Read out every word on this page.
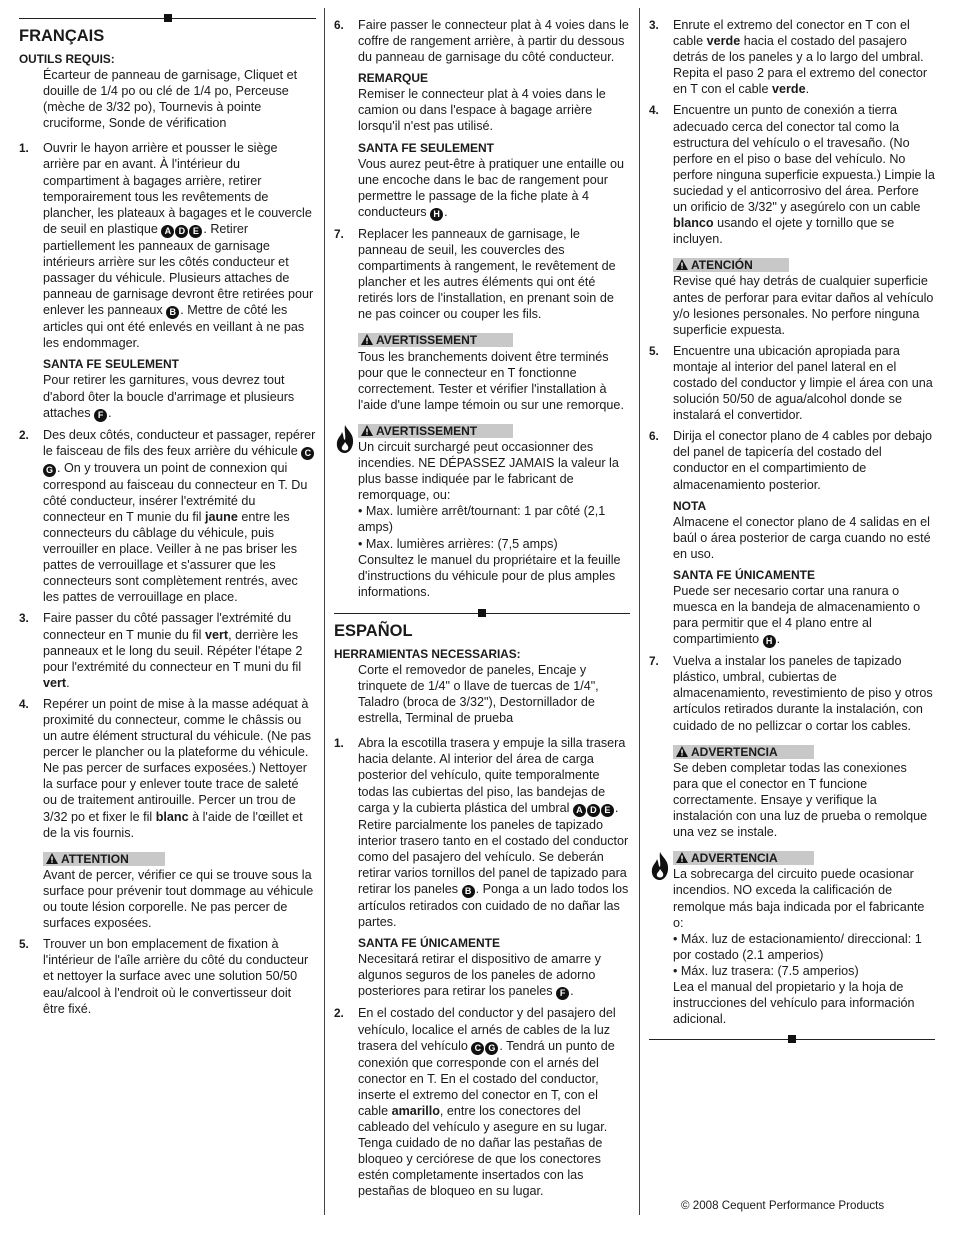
FRANÇAIS

OUTILS REQUIS:

Écarteur de panneau de garnisage, Cliquet et douille de 1/4 po ou clé de 1/4 po, Perceuse (mèche de 3/32 po), Tournevis à pointe cruciforme, Sonde de vérification
1.	Ouvrir le hayon arrière et pousser le siège arrière par en avant. À l'intérieur du compartiment à bagages arrière, retirer temporairement tous les revêtements de plancher, les plateaux à bagages et le couvercle de seuil en plastique A D E . Retirer partiellement les panneaux de garnisage intérieurs arrière sur les côtés conducteur et passager du véhicule. Plusieurs attaches de panneau de garnisage devront être retirées pour enlever les panneaux B . Mettre de côté les articles qui ont été enlevés en veillant à ne pas les endommager.
SANTA FE SEULEMENT
Pour retirer les garnitures, vous devrez tout d'abord ôter la boucle d'arrimage et plusieurs attaches F .
2.	Des deux côtés, conducteur et passager, repérer le faisceau de fils des feux arrière du véhicule CG . On y trouvera un point de connexion qui correspond au faisceau du connecteur en T. Du côté conducteur, insérer l'extrémité du connecteur en T munie du fil jaune entre les connecteurs du câblage du véhicule, puis verrouiller en place. Veiller à ne pas briser les pattes de verrouillage et s'assurer que les connecteurs sont complètement rentrés, avec les pattes de verrouillage en place.
3.	Faire passer du côté passager l'extrémité du connecteur en T munie du fil vert, derrière les panneaux et le long du seuil. Répéter l'étape 2 pour l'extrémité du connecteur en T muni du fil vert.
4.	Repérer un point de mise à la masse adéquat à proximité du connecteur, comme le châssis ou un autre élément structural du véhicule. (Ne pas percer le plancher ou la plateforme du véhicule. Ne pas percer de surfaces exposées.) Nettoyer la surface pour y enlever toute trace de saleté ou de traitement antirouille. Percer un trou de 3/32 po et fixer le fil blanc à l'aide de l'œillet et de la vis fournis.
ATTENTION
Avant de percer, vérifier ce qui se trouve sous la surface pour prévenir tout dommage au véhicule ou toute lésion corporelle. Ne pas percer de surfaces exposées.
5.	Trouver un bon emplacement de fixation à l'intérieur de l'aîle arrière du côté du conducteur et nettoyer la surface avec une solution 50/50 eau/alcool à l'endroit où le convertisseur doit être fixé.
6.	Faire passer le connecteur plat à 4 voies dans le coffre de rangement arrière, à partir du dessous du panneau de garnisage du côté conducteur.
REMARQUE
Remiser le connecteur plat à 4 voies dans le camion ou dans l'espace à bagage arrière lorsqu'il n'est pas utilisé.
SANTA FE SEULEMENT
Vous aurez peut-être à pratiquer une entaille ou une encoche dans le bac de rangement pour permettre le passage de la fiche plate à 4 conducteurs H .
7.	Replacer les panneaux de garnisage, le panneau de seuil, les couvercles des compartiments à rangement, le revêtement de plancher et les autres éléments qui ont été retirés lors de l'installation, en prenant soin de ne pas coincer ou couper les fils.
AVERTISSEMENT
Tous les branchements doivent être terminés pour que le connecteur en T fonctionne correctement. Tester et vérifier l'installation à l'aide d'une lampe témoin ou sur une remorque.
AVERTISSEMENT
Un circuit surchargé peut occasionner des incendies. NE DÉPASSEZ JAMAIS la valeur la plus basse indiquée par le fabricant de remorquage, ou:

• Max. lumière arrêt/tournant: 1 par côté (2,1 amps)

• Max. lumières arrières: (7,5 amps)

Consultez le manuel du propriétaire et la feuille d'instructions du véhicule pour de plus amples informations.
ESPAÑOL

HERRAMIENTAS NECESSARIAS:

Corte el removedor de paneles, Encaje y trinquete de 1/4" o llave de tuercas de 1/4", Taladro (broca de 3/32"), Destornillador de estrella, Terminal de prueba
1.	Abra la escotilla trasera y empuje la silla trasera hacia delante. Al interior del área de carga posterior del vehículo, quite temporalmente todas las cubiertas del piso, las bandejas de carga y la cubierta plástica del umbral A D E . Retire parcialmente los paneles de tapizado interior trasero tanto en el costado del conductor como del pasajero del vehículo. Se deberán retirar varios tornillos del panel de tapizado para retirar los paneles B . Ponga a un lado todos los artículos retirados con cuidado de no dañar las partes.
SANTA FE ÚNICAMENTE
Necesitará retirar el dispositivo de amarre y algunos seguros de los paneles de adorno posteriores para retirar los paneles F .
2.	En el costado del conductor y del pasajero del vehículo, localice el arnés de cables de la luz trasera del vehículo C G . Tendrá un punto de conexión que corresponde con el arnés del conector en T. En el costado del conductor, inserte el extremo del conector en T, con el cable amarillo, entre los conectores del cableado del vehículo y asegure en su lugar. Tenga cuidado de no dañar las pestañas de bloqueo y cerciórese de que los conectores estén completamente insertados con las pestañas de bloqueo en su lugar.
3.	Enrute el extremo del conector en T con el cable verde hacia el costado del pasajero detrás de los paneles y a lo largo del umbral. Repita el paso 2 para el extremo del conector en T con el cable verde.
4.	Encuentre un punto de conexión a tierra adecuado cerca del conector tal como la estructura del vehículo o el travesaño. (No perfore en el piso o base del vehículo. No perfore ninguna superficie expuesta.) Limpie la suciedad y el anticorrosivo del área. Perfore un orificio de 3/32" y asegúrelo con un cable blanco usando el ojete y tornillo que se incluyen.
ATENCIÓN
Revise qué hay detrás de cualquier superficie antes de perforar para evitar daños al vehículo y/o lesiones personales. No perfore ninguna superficie expuesta.
5.	Encuentre una ubicación apropiada para montaje al interior del panel lateral en el costado del conductor y limpie el área con una solución 50/50 de agua/alcohol donde se instalará el convertidor.
6.	Dirija el conector plano de 4 cables por debajo del panel de tapicería del costado del conductor en el compartimiento de almacenamiento posterior.
NOTA
Almacene el conector plano de 4 salidas en el baúl o área posterior de carga cuando no esté en uso.
SANTA FE ÚNICAMENTE
Puede ser necesario cortar una ranura o muesca en la bandeja de almacenamiento o para permitir que el 4 plano entre al compartimiento H .
7.	Vuelva a instalar los paneles de tapizado plástico, umbral, cubiertas de almacenamiento, revestimiento de piso y otros artículos retirados durante la instalación, con cuidado de no pellizcar o cortar los cables.
ADVERTENCIA
Se deben completar todas las conexiones para que el conector en T funcione correctamente. Ensaye y verifique la instalación con una luz de prueba o remolque una vez se instale.
ADVERTENCIA
La sobrecarga del circuito puede ocasionar incendios. NO exceda la calificación de remolque más baja indicada por el fabricante o:

• Máx. luz de estacionamiento/ direccional: 1 por costado (2.1 amperios)

• Máx. luz trasera: (7.5 amperios)

Lea el manual del propietario y la hoja de instrucciones del vehículo para información adicional.
© 2008 Cequent Performance Products
